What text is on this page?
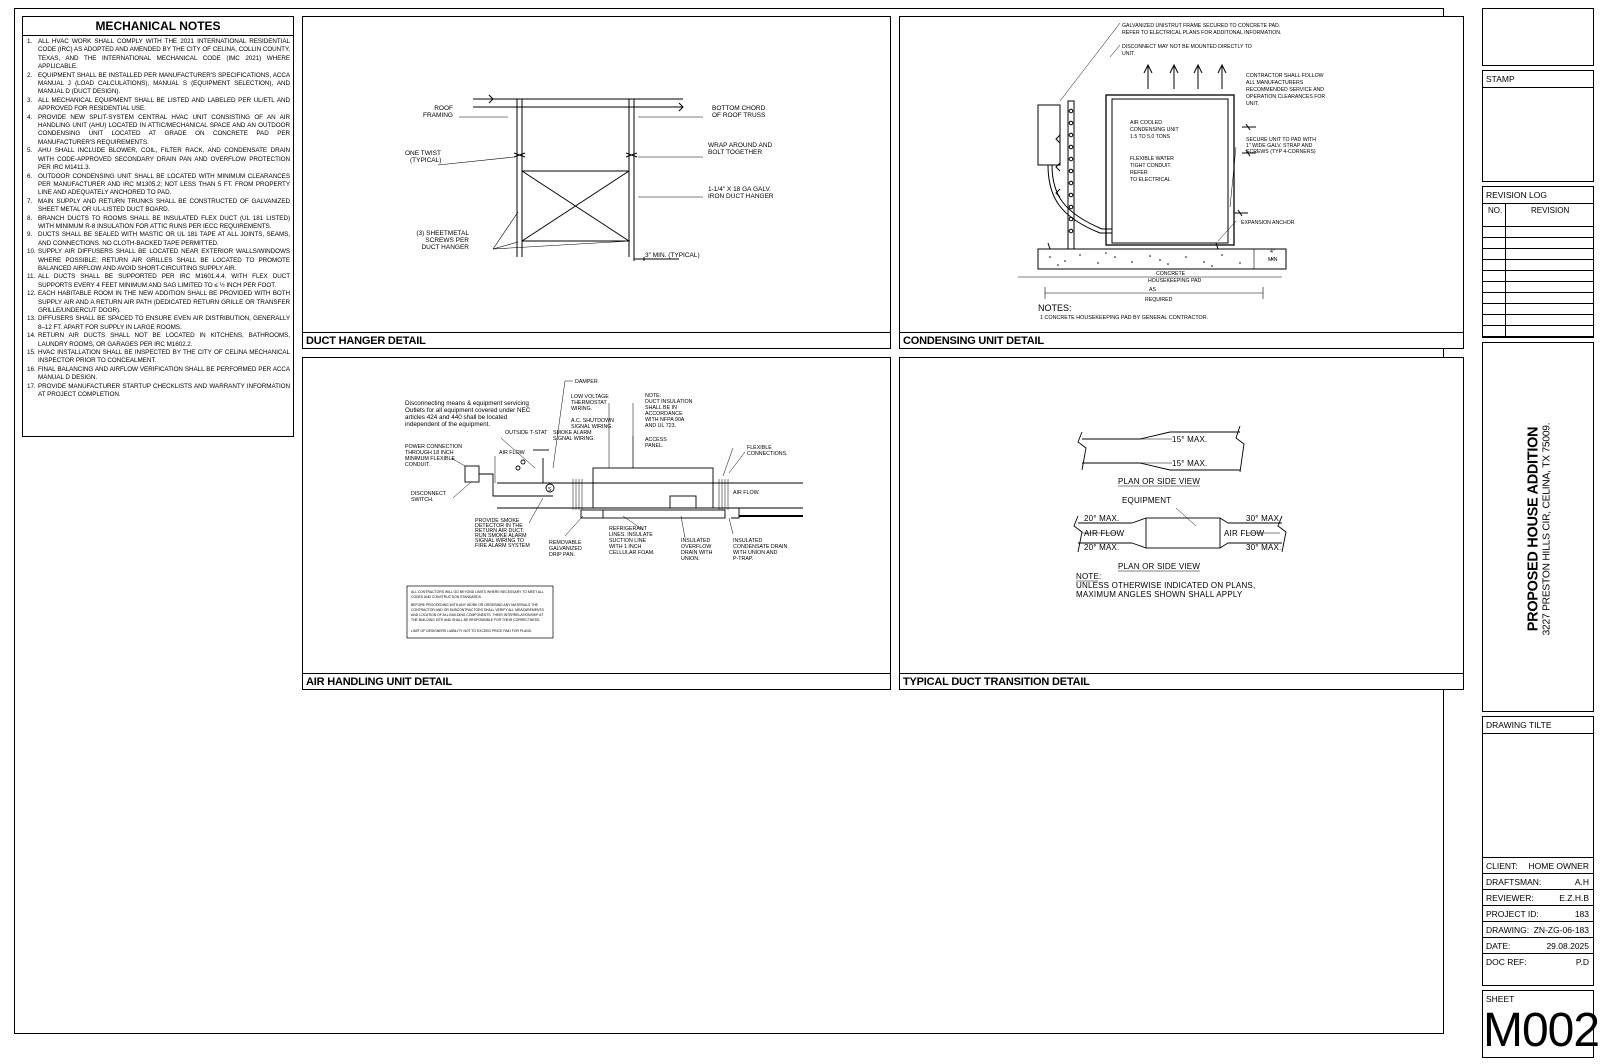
MECHANICAL NOTES
1. ALL HVAC WORK SHALL COMPLY WITH THE 2021 INTERNATIONAL RESIDENTIAL CODE (IRC) AS ADOPTED AND AMENDED BY THE CITY OF CELINA, COLLIN COUNTY, TEXAS, AND THE INTERNATIONAL MECHANICAL CODE (IMC 2021) WHERE APPLICABLE.
2. EQUIPMENT SHALL BE INSTALLED PER MANUFACTURER'S SPECIFICATIONS, ACCA MANUAL J (LOAD CALCULATIONS), MANUAL S (EQUIPMENT SELECTION), AND MANUAL D (DUCT DESIGN).
3. ALL MECHANICAL EQUIPMENT SHALL BE LISTED AND LABELED PER UL/ETL AND APPROVED FOR RESIDENTIAL USE.
4. PROVIDE NEW SPLIT-SYSTEM CENTRAL HVAC UNIT CONSISTING OF AN AIR HANDLING UNIT (AHU) LOCATED IN ATTIC/MECHANICAL SPACE AND AN OUTDOOR CONDENSING UNIT LOCATED AT GRADE ON CONCRETE PAD PER MANUFACTURER'S REQUIREMENTS.
5. AHU SHALL INCLUDE BLOWER, COIL, FILTER RACK, AND CONDENSATE DRAIN WITH CODE-APPROVED SECONDARY DRAIN PAN AND OVERFLOW PROTECTION PER IRC M1411.3.
6. OUTDOOR CONDENSING UNIT SHALL BE LOCATED WITH MINIMUM CLEARANCES PER MANUFACTURER AND IRC M1305.2; NOT LESS THAN 5 FT. FROM PROPERTY LINE AND ADEQUATELY ANCHORED TO PAD.
7. MAIN SUPPLY AND RETURN TRUNKS SHALL BE CONSTRUCTED OF GALVANIZED SHEET METAL OR UL-LISTED DUCT BOARD.
8. BRANCH DUCTS TO ROOMS SHALL BE INSULATED FLEX DUCT (UL 181 LISTED) WITH MINIMUM R-8 INSULATION FOR ATTIC RUNS PER IECC REQUIREMENTS.
9. DUCTS SHALL BE SEALED WITH MASTIC OR UL 181 TAPE AT ALL JOINTS, SEAMS, AND CONNECTIONS. NO CLOTH-BACKED TAPE PERMITTED.
10. SUPPLY AIR DIFFUSERS SHALL BE LOCATED NEAR EXTERIOR WALLS/WINDOWS WHERE POSSIBLE; RETURN AIR GRILLES SHALL BE LOCATED TO PROMOTE BALANCED AIRFLOW AND AVOID SHORT-CIRCUITING SUPPLY AIR.
11. ALL DUCTS SHALL BE SUPPORTED PER IRC M1601.4.4, WITH FLEX DUCT SUPPORTS EVERY 4 FEET MINIMUM AND SAG LIMITED TO ≤ ½ INCH PER FOOT.
12. EACH HABITABLE ROOM IN THE NEW ADDITION SHALL BE PROVIDED WITH BOTH SUPPLY AIR AND A RETURN AIR PATH (DEDICATED RETURN GRILLE OR TRANSFER GRILLE/UNDERCUT DOOR).
13. DIFFUSERS SHALL BE SPACED TO ENSURE EVEN AIR DISTRIBUTION, GENERALLY 8–12 FT. APART FOR SUPPLY IN LARGE ROOMS.
14. RETURN AIR DUCTS SHALL NOT BE LOCATED IN KITCHENS, BATHROOMS, LAUNDRY ROOMS, OR GARAGES PER IRC M1602.2.
15. HVAC INSTALLATION SHALL BE INSPECTED BY THE CITY OF CELINA MECHANICAL INSPECTOR PRIOR TO CONCEALMENT.
16. FINAL BALANCING AND AIRFLOW VERIFICATION SHALL BE PERFORMED PER ACCA MANUAL D DESIGN.
17. PROVIDE MANUFACTURER STARTUP CHECKLISTS AND WARRANTY INFORMATION AT PROJECT COMPLETION.
ROOF FRAMING
BOTTOM CHORD OF ROOF TRUSS
ONE TWIST (TYPICAL)
WRAP AROUND AND BOLT TOGETHER
1-1/4" X 18 GA GALV. IRON DUCT HANGER
(3) SHEETMETAL SCREWS PER DUCT HANGER
3" MIN. (TYPICAL)
DUCT HANGER DETAIL
GALVANIZED UNISTRUT FRAME SECURED TO CONCRETE PAD. REFER TO ELECTRICAL PLANS FOR ADDITONAL INFORMATION.
DISCONNECT MAY NOT BE MOUNTED DIRECTLY TO UNIT.
CONTRACTOR SHALL FOLLOW ALL MANUFACTURERS RECOMMENDED SERVICE AND OPERATION CLEARANCES FOR UNIT.
AIR COOLED CONDENSING UNIT 1.5 TO 5.0 TONS
FLEXIBLE WATER TIGHT CONDUIT. REFER TO ELECTRICAL
SECURE UNIT TO PAD WITH 1" WIDE GALV. STRAP AND SCREWS (TYP 4-CORNERS)
EXPANSION ANCHOR
CONCRETE HOUSEKEEPING PAD
AS
REQUIRED
4" MIN
1 CONCRETE HOUSEKEEPING PAD BY GENERAL CONTRACTOR.
NOTES:
CONDENSING UNIT DETAIL
Disconnecting means & equipment servicing Outlets for all equipment covered under NEC articles 424 and 440 shall be located independent of the equipment.
DAMPER
LOW VOLTAGE THERMOSTAT WIRING.
NOTE: DUCT INSULATION SHALL BE IN ACCORDANCE WITH NFPA 90A AND UL 723.
A.C. SHUTDOWN SIGNAL WIRING.
ACCESS PANEL.
OUTSIDE T-STAT SMOKE ALARM SIGNAL WIRING.
FLEXIBLE CONNECTIONS.
POWER CONNECTION THROUGH 18 INCH MINIMUM FLEXIBLE CONDUIT.
AIR FLOW
AIR FLOW.
S
DISCONNECT SWITCH.
PROVIDE SMOKE DETECTOR IN THE RETURN AIR DUCT. RUN SMOKE ALARM SIGNAL WIRING TO FIRE ALARM SYSTEM	REMOVABLE GALVANIZED DRIP PAN.
REFRIGERANT LINES. INSULATE SUCTION LINE WITH 1 INCH CELLULAR FOAM.
INSULATED OVERFLOW DRAIN WITH UNION.
INSULATED CONDENSATE DRAIN WITH UNION AND P-TRAP.
ALL CONTRACTORS WILL GO BEYOND LIMITS WHERE NECESSARY TO MEET ALL CODES AND CONSTRUCTION STANDARDS.
BEFORE PROCEEDING WITH ANY WORK OR ORDERING ANY MATERIALS THE CONTRACTOR AND OR SUBCONTRACTORS SHALL VERIFY ALL MEASUREMENTS AND LOCATION OF ALL BUILDING COMPONENTS. THEIR INTERRELATIONSHIP AT THE BUILDING SITE AND SHALL BE RESPONSIBLE FOR THEIR CORRECTNESS.
LIMIT OF DESIGNERS LIABILITY NOT TO EXCEED PRICE PAID FOR PLANS.
AIR HANDLING UNIT DETAIL
15° MAX.
15° MAX.
PLAN OR SIDE VIEW
EQUIPMENT
20° MAX.	30° MAX.
AIR FLOW	AIR FLOW
20° MAX.	30° MAX.
PLAN OR SIDE VIEW
NOTE: UNLESS OTHERWISE INDICATED ON PLANS, MAXIMUM ANGLES SHOWN SHALL APPLY
TYPICAL DUCT TRANSITION DETAIL
STAMP
REVISION LOG
NO.	REVISION
PROPOSED HOUSE ADDITION 3227 PRESTON HILLS CIR, CELINA, TX 75009.
DRAWING TILTE
CLIENT: HOME OWNER
DRAFTSMAN:	A.H
REVIEWER:	E.Z.H.B
PROJECT ID:	183
DRAWING: ZN-ZG-06-183
DATE:	29.08.2025
DOC REF:	P.D
SHEET
M002
